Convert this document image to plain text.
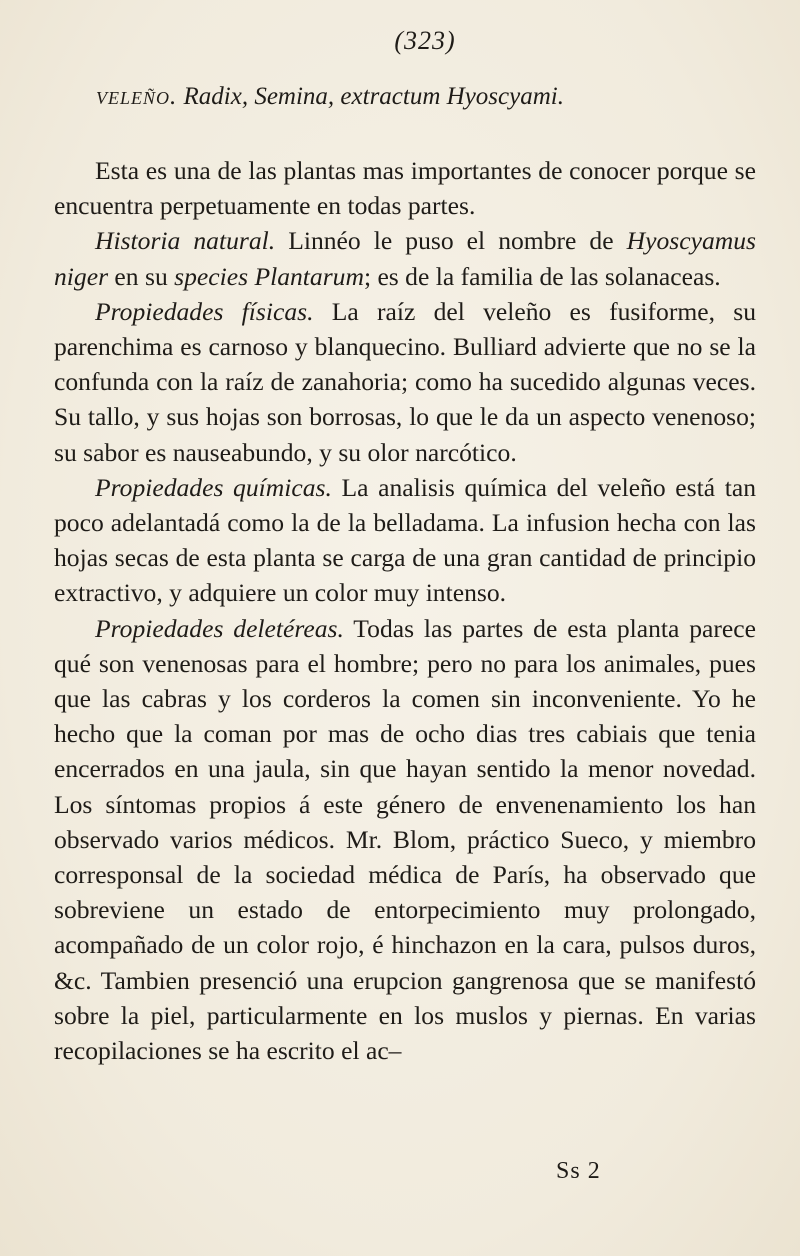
(323)
veleño. Radix, Semina, extractum Hyoscyami.

Esta es una de las plantas mas importantes de conocer porque se encuentra perpetuamente en todas partes.

Historia natural. Linnéo le puso el nombre de Hyoscyamus niger en su species Plantarum; es de la familia de las solanaceas.

Propiedades físicas. La raíz del veleño es fusiforme, su parenchima es carnoso y blanquecino. Bulliard advierte que no se la confunda con la raíz de zanahoria; como ha sucedido algunas veces. Su tallo, y sus hojas son borrosas, lo que le da un aspecto venenoso; su sabor es nauseabundo, y su olor narcótico.

Propiedades químicas. La analisis química del veleño está tan poco adelantadá como la de la belladama. La infusion hecha con las hojas secas de esta planta se carga de una gran cantidad de principio extractivo, y adquiere un color muy intenso.

Propiedades deletéreas. Todas las partes de esta planta parece qué son venenosas para el hombre; pero no para los animales, pues que las cabras y los corderos la comen sin inconveniente. Yo he hecho que la coman por mas de ocho dias tres cabiais que tenia encerrados en una jaula, sin que hayan sentido la menor novedad. Los síntomas propios á este género de envenenamiento los han observado varios médicos. Mr. Blom, práctico Sueco, y miembro corresponsal de la sociedad médica de París, ha observado que sobreviene un estado de entorpecimiento muy prolongado, acompañado de un color rojo, é hinchazon en la cara, pulsos duros, &c. Tambien presenció una erupcion gangrenosa que se manifestó sobre la piel, particularmente en los muslos y piernas. En varias recopilaciones se ha escrito el ac–

Ss 2
